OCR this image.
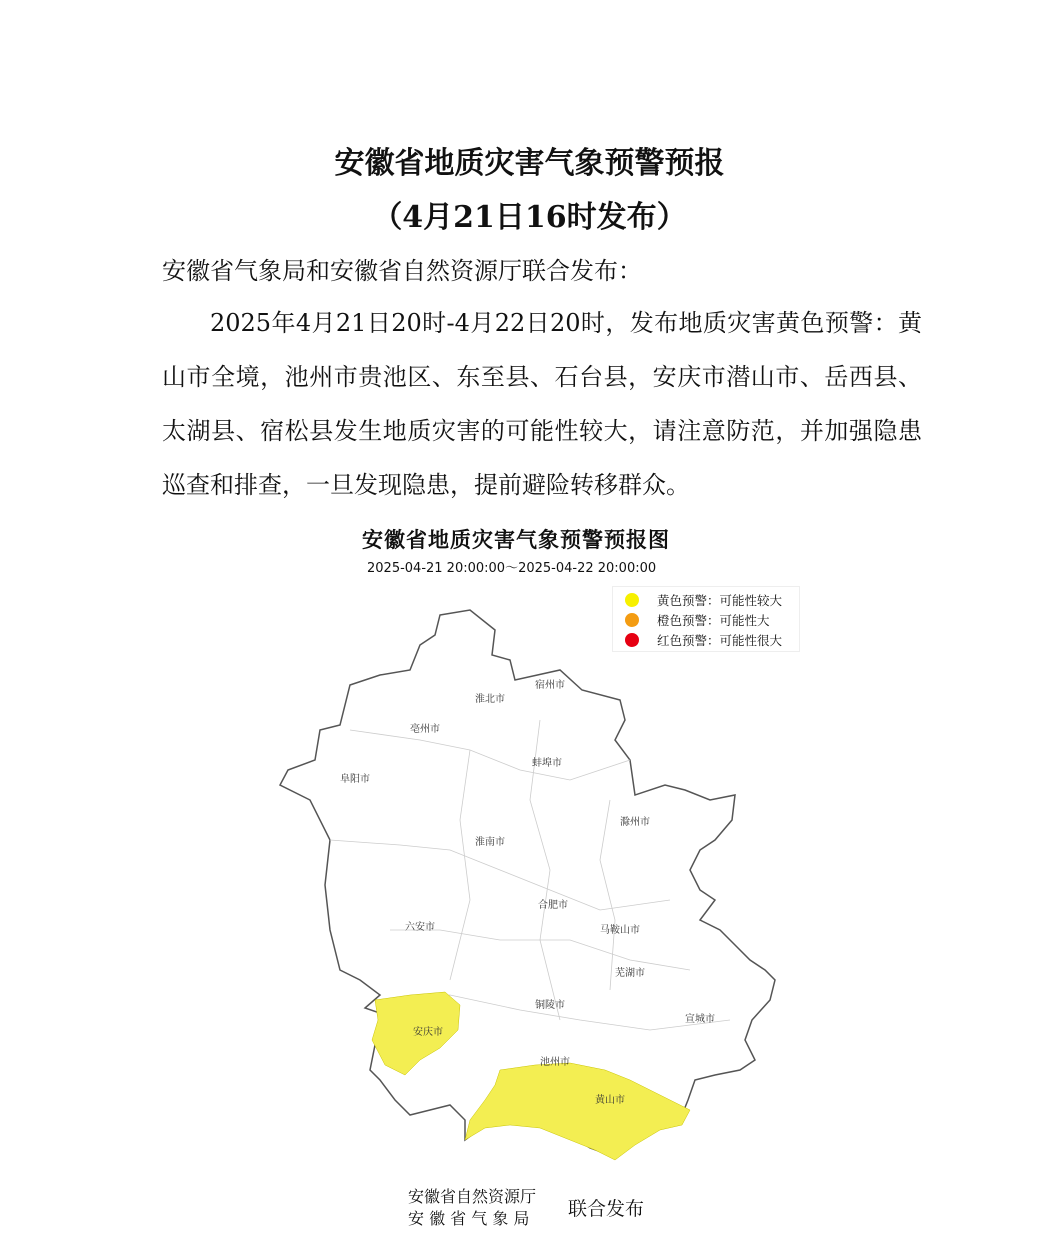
安徽省地质灾害气象预警预报
（4月21日16时发布）
安徽省气象局和安徽省自然资源厅联合发布：
2025年4月21日20时-4月22日20时，发布地质灾害黄色预警：黄山市全境，池州市贵池区、东至县、石台县，安庆市潜山市、岳西县、太湖县、宿松县发生地质灾害的可能性较大，请注意防范，并加强隐患巡查和排查，一旦发现隐患，提前避险转移群众。
安徽省地质灾害气象预警预报图
2025-04-21 20:00:00～2025-04-22 20:00:00
宿州市
淮北市
亳州市
阜阳市
蚌埠市
淮南市
滁州市
合肥市
六安市	马鞍山市
芜湖市
宣城市
铜陵市
安庆市
池州市
黄山市
黄色预警：可能性较大
橙色预警：可能性大
红色预警：可能性很大
安徽省自然资源厅
安 徽 省 气 象 局	联合发布
